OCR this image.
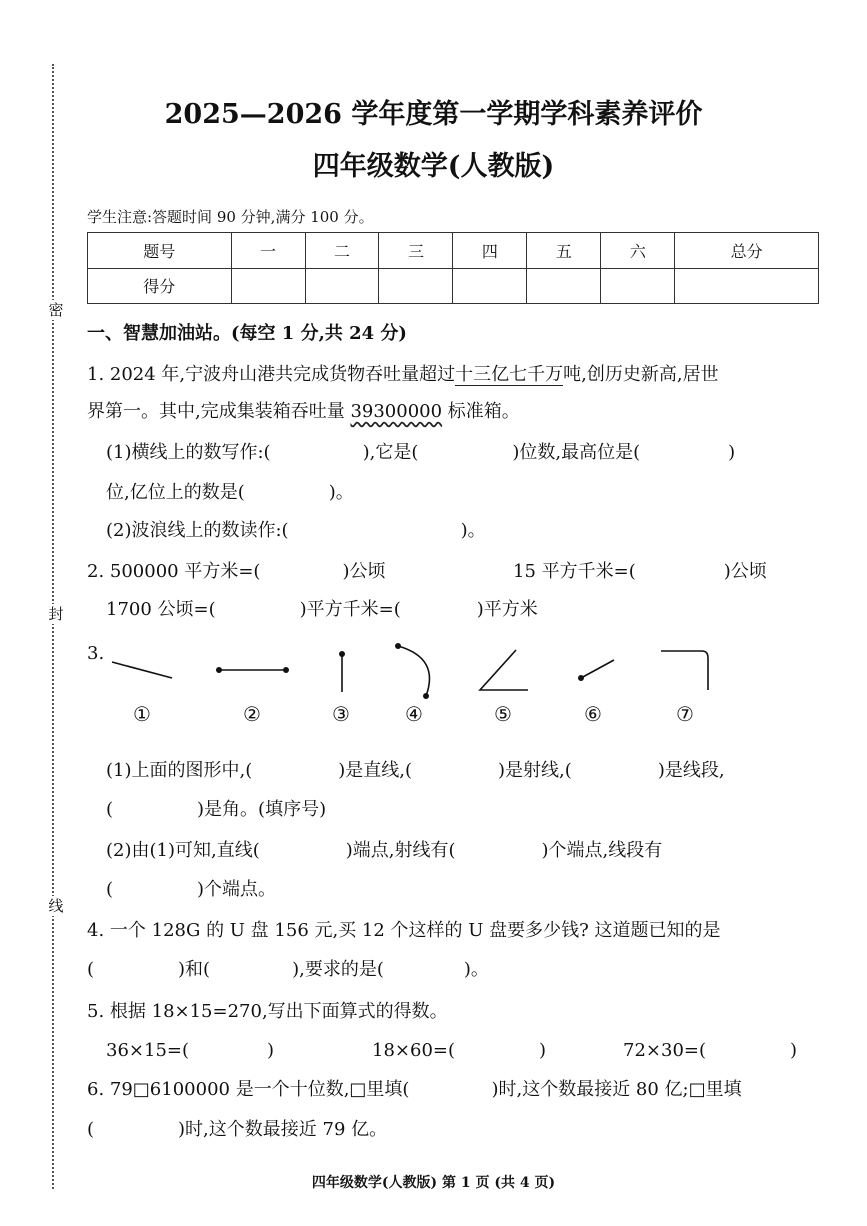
密
封
线
2025—2026 学年度第一学期学科素养评价
四年级数学(人教版)
学生注意:答题时间 90 分钟,满分 100 分。
题号	一	二	三	四	五	六	总分
得分							
一、智慧加油站。(每空 1 分,共 24 分)
1. 2024 年,宁波舟山港共完成货物吞吐量超过十三亿七千万吨,创历史新高,居世
界第一。其中,完成集装箱吞吐量 39300000 标准箱。
(1)横线上的数写作:(	),它是(	)位数,最高位是(	)
位,亿位上的数是(	)。
(2)波浪线上的数读作:(	)。
2. 500000 平方米=(	)公顷	15 平方千米=(	)公顷
1700 公顷=(	)平方千米=(	)平方米
3.
①	②	③	④	⑤	⑥	⑦
(1)上面的图形中,(	)是直线,(	)是射线,(	)是线段,
(	)是角。(填序号)
(2)由(1)可知,直线(	)端点,射线有(	)个端点,线段有
(	)个端点。
4. 一个 128G 的 U 盘 156 元,买 12 个这样的 U 盘要多少钱? 这道题已知的是
(	)和(	),要求的是(	)。
5. 根据 18×15=270,写出下面算式的得数。
36×15=(	)	18×60=(	)	72×30=(	)
6. 79□6100000 是一个十位数,□里填(	)时,这个数最接近 80 亿;□里填
(	)时,这个数最接近 79 亿。
四年级数学(人教版) 第 1 页 (共 4 页)
